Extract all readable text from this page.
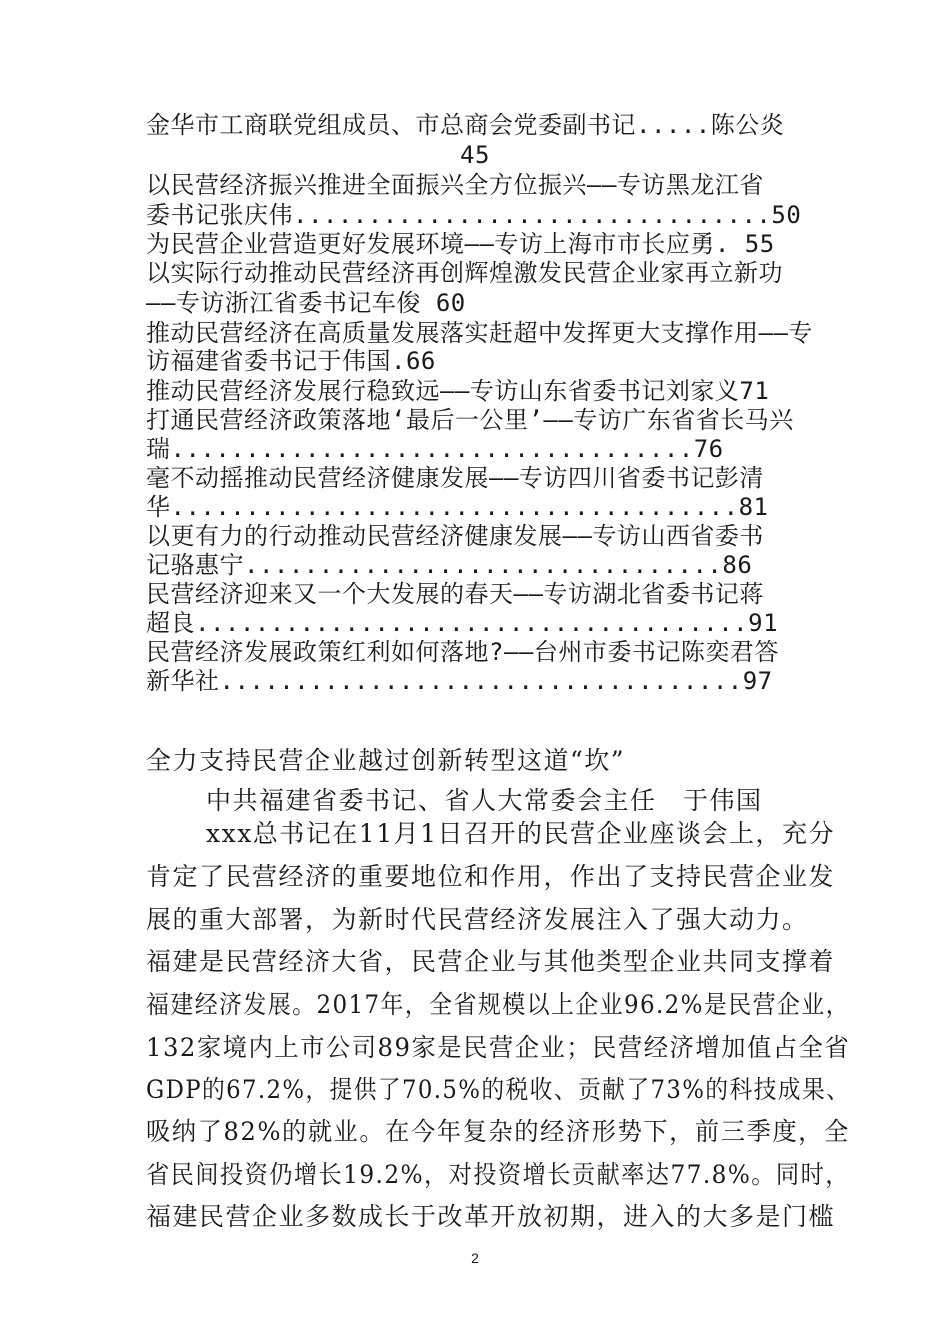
金华市工商联党组成员、市总商会党委副书记.....陈公炎
45
以民营经济振兴推进全面振兴全方位振兴——专访黑龙江省
委书记张庆伟................................50
为民营企业营造更好发展环境——专访上海市市长应勇. 55
以实际行动推动民营经济再创辉煌激发民营企业家再立新功
——专访浙江省委书记车俊 60
推动民营经济在高质量发展落实赶超中发挥更大支撑作用——专
访福建省委书记于伟国.66
推动民营经济发展行稳致远——专访山东省委书记刘家义71
打通民营经济政策落地‘最后一公里’——专访广东省省长马兴
瑞...................................76
毫不动摇推动民营经济健康发展——专访四川省委书记彭清
华......................................81
以更有力的行动推动民营经济健康发展——专访山西省委书
记骆惠宁................................86
民营经济迎来又一个大发展的春天——专访湖北省委书记蒋
超良.....................................91
民营经济发展政策红利如何落地?——台州市委书记陈奕君答
新华社...................................97
全力支持民营企业越过创新转型这道“坎”
中共福建省委书记、省人大常委会主任　于伟国
xxx总书记在11月1日召开的民营企业座谈会上，充分
肯定了民营经济的重要地位和作用，作出了支持民营企业发
展的重大部署，为新时代民营经济发展注入了强大动力。
福建是民营经济大省，民营企业与其他类型企业共同支撑着
福建经济发展。2017年，全省规模以上企业96.2%是民营企业，
132家境内上市公司89家是民营企业；民营经济增加值占全省
GDP的67.2%，提供了70.5%的税收、贡献了73%的科技成果、
吸纳了82%的就业。在今年复杂的经济形势下，前三季度，全
省民间投资仍增长19.2%，对投资增长贡献率达77.8%。同时，
福建民营企业多数成长于改革开放初期，进入的大多是门槛
2
